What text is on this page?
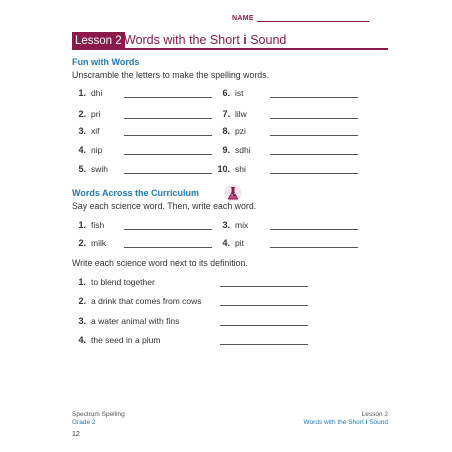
NAME
Lesson 2 Words with the Short i Sound
Fun with Words
Unscramble the letters to make the spelling words.
1. dhi
2. pri
3. xif
4. nip
5. swih
6. ist
7. lilw
8. pzi
9. sdhi
10. shi
Words Across the Curriculum
Say each science word. Then, write each word.
1. fish	3. mix
2. milk	4. pit
Write each science word next to its definition.
1. to blend together
2. a drink that comes from cows
3. a water animal with fins
4. the seed in a plum
Spectrum Spelling
Grade 2
12
Lesson 2
Words with the Short i Sound
